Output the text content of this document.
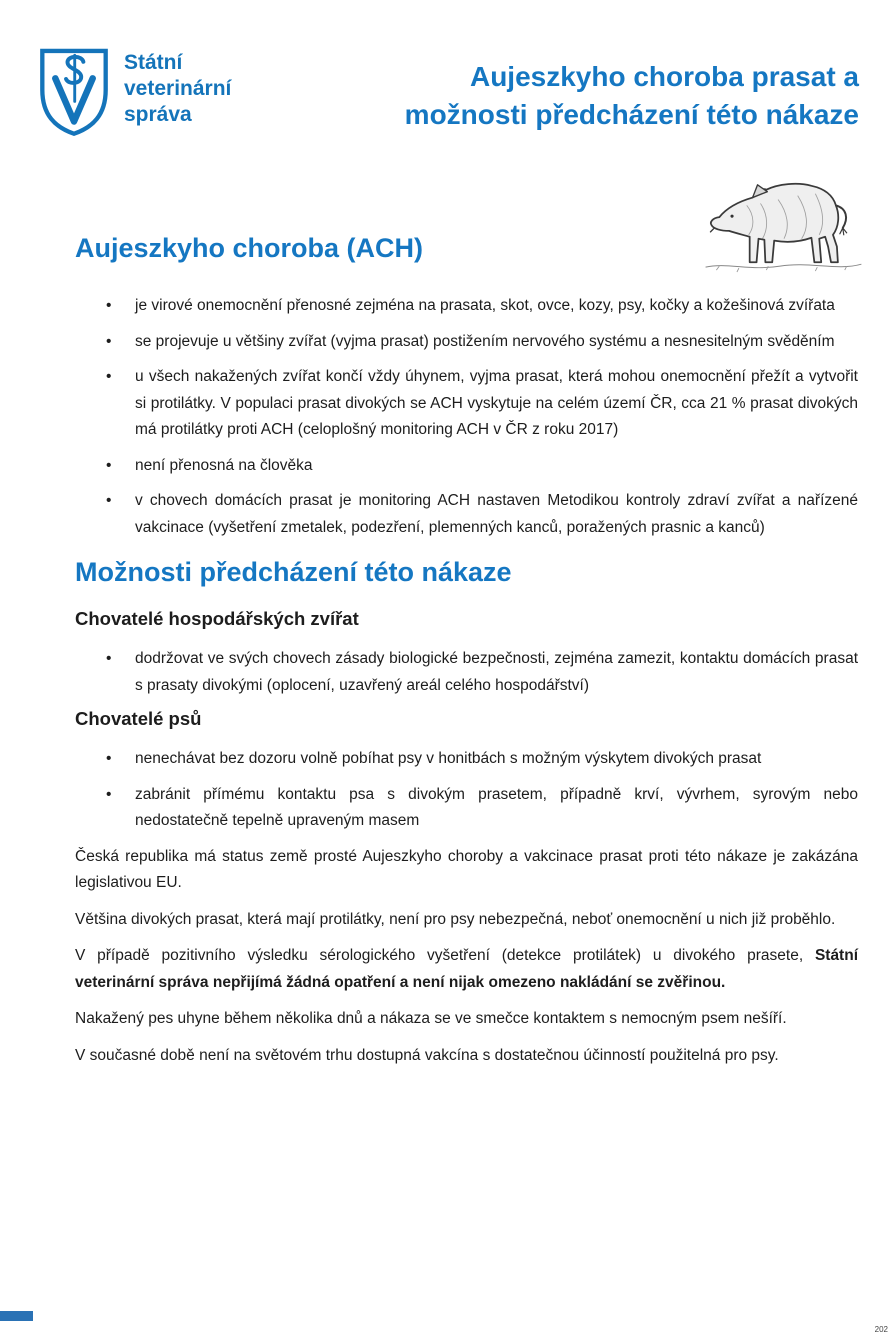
Státní
veterinární
správa
Aujeszkyho choroba prasat a
možnosti předcházení této nákaze
Aujeszkyho choroba (ACH)
• je virové onemocnění přenosné zejména na prasata, skot, ovce, kozy, psy, kočky a kožešinová zvířata
• se projevuje u většiny zvířat (vyjma prasat) postižením nervového systému a nesnesitelným svěděním
• u všech nakažených zvířat končí vždy úhynem, vyjma prasat, která mohou onemocnění přežít a vytvořit si protilátky. V populaci prasat divokých se ACH vyskytuje na celém území ČR, cca 21 % prasat divokých má protilátky proti ACH (celoplošný monitoring ACH v ČR z roku 2017)
• není přenosná na člověka
• v chovech domácích prasat je monitoring ACH nastaven Metodikou kontroly zdraví zvířat a nařízené vakcinace (vyšetření zmetalek, podezření, plemenných kanců, poražených prasnic a kanců)
Možnosti předcházení této nákaze
Chovatelé hospodářských zvířat
• dodržovat ve svých chovech zásady biologické bezpečnosti, zejména zamezit, kontaktu domácích prasat s prasaty divokými (oplocení, uzavřený areál celého hospodářství)
Chovatelé psů
• nenechávat bez dozoru volně pobíhat psy v honitbách s možným výskytem divokých prasat
• zabránit přímému kontaktu psa s divokým prasetem, případně krví, vývrhem, syrovým nebo nedostatečně tepelně upraveným masem

Česká republika má status země prosté Aujeszkyho choroby a vakcinace prasat proti této nákaze je zakázána legislativou EU.

Většina divokých prasat, která mají protilátky, není pro psy nebezpečná, neboť onemocnění u nich již proběhlo.

V případě pozitivního výsledku sérologického vyšetření (detekce protilátek) u divokého prasete, Státní veterinární správa nepřijímá žádná opatření a není nijak omezeno nakládání se zvěřinou.

Nakažený pes uhyne během několika dnů a nákaza se ve smečce kontaktem s nemocným psem nešíří.

V současné době není na světovém trhu dostupná vakcína s dostatečnou účinností použitelná pro psy.

202
